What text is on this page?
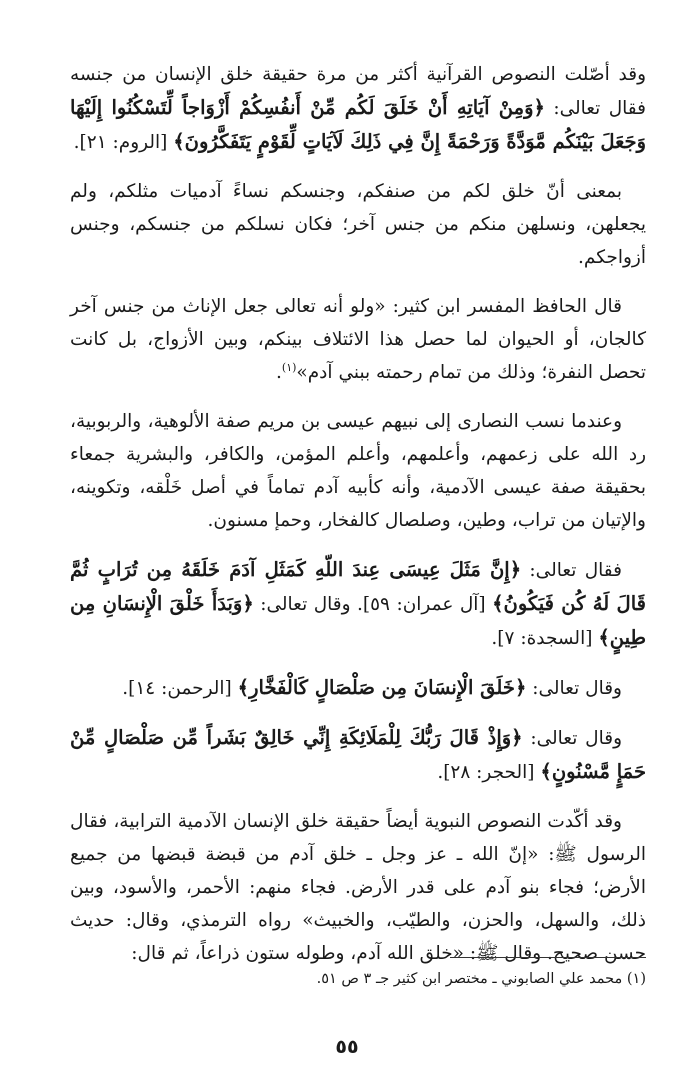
وقد أصّلت النصوص القرآنية أكثر من مرة حقيقة خلق الإنسان من جنسه فقال تعالى: ﴿وَمِنْ آيَاتِهِ أَنْ خَلَقَ لَكُم مِّنْ أَنفُسِكُمْ أَزْوَاجاً لِّتَسْكُنُوا إِلَيْهَا وَجَعَلَ بَيْنَكُم مَّوَدَّةً وَرَحْمَةً إِنَّ فِي ذَلِكَ لَآيَاتٍ لِّقَوْمٍ يَتَفَكَّرُونَ﴾ [الروم: ٢١].

بمعنى أنّ خلق لكم من صنفكم، وجنسكم نساءً آدميات مثلكم، ولم يجعلهن، ونسلهن منكم من جنس آخر؛ فكان نسلكم من جنسكم، وجنس أزواجكم.

قال الحافظ المفسر ابن كثير: «ولو أنه تعالى جعل الإناث من جنس آخر كالجان، أو الحيوان لما حصل هذا الائتلاف بينكم، وبين الأزواج، بل كانت تحصل النفرة؛ وذلك من تمام رحمته ببني آدم»$^{(١)}$.

وعندما نسب النصارى إلى نبيهم عيسى بن مريم صفة الألوهية، والربوبية، رد الله على زعمهم، وأعلمهم، وأعلم المؤمن، والكافر، والبشرية جمعاء بحقيقة صفة عيسى الآدمية، وأنه كأبيه آدم تماماً في أصل خَلْقه، وتكوينه، والإتيان من تراب، وطين، وصلصال كالفخار، وحمإ مسنون.

فقال تعالى: ﴿إِنَّ مَثَلَ عِيسَى عِندَ اللّهِ كَمَثَلِ آدَمَ خَلَقَهُ مِن تُرَابٍ ثُمَّ قَالَ لَهُ كُن فَيَكُونُ﴾ [آل عمران: ٥٩]. وقال تعالى: ﴿وَبَدَأَ خَلْقَ الْإِنسَانِ مِن طِينٍ﴾ [السجدة: ٧].

وقال تعالى: ﴿خَلَقَ الْإِنسَانَ مِن صَلْصَالٍ كَالْفَخَّارِ﴾ [الرحمن: ١٤].

وقال تعالى: ﴿وَإِذْ قَالَ رَبُّكَ لِلْمَلَائِكَةِ إِنِّي خَالِقٌ بَشَراً مِّن صَلْصَالٍ مِّنْ حَمَإٍ مَّسْنُونٍ﴾ [الحجر: ٢٨].

وقد أكّدت النصوص النبوية أيضاً حقيقة خلق الإنسان الآدمية الترابية، فقال الرسول ﷺ: «إنّ الله ـ عز وجل ـ خلق آدم من قبضة قبضها من جميع الأرض؛ فجاء بنو آدم على قدر الأرض. فجاء منهم: الأحمر، والأسود، وبين ذلك، والسهل، والحزن، والطيّب، والخبيث» رواه الترمذي، وقال: حديث حسن صحيح. وقال ﷺ: «خلق الله آدم، وطوله ستون ذراعاً، ثم قال:

(١) محمد علي الصابوني ـ مختصر ابن كثير جـ ٣ ص ٥١.
٥٥
